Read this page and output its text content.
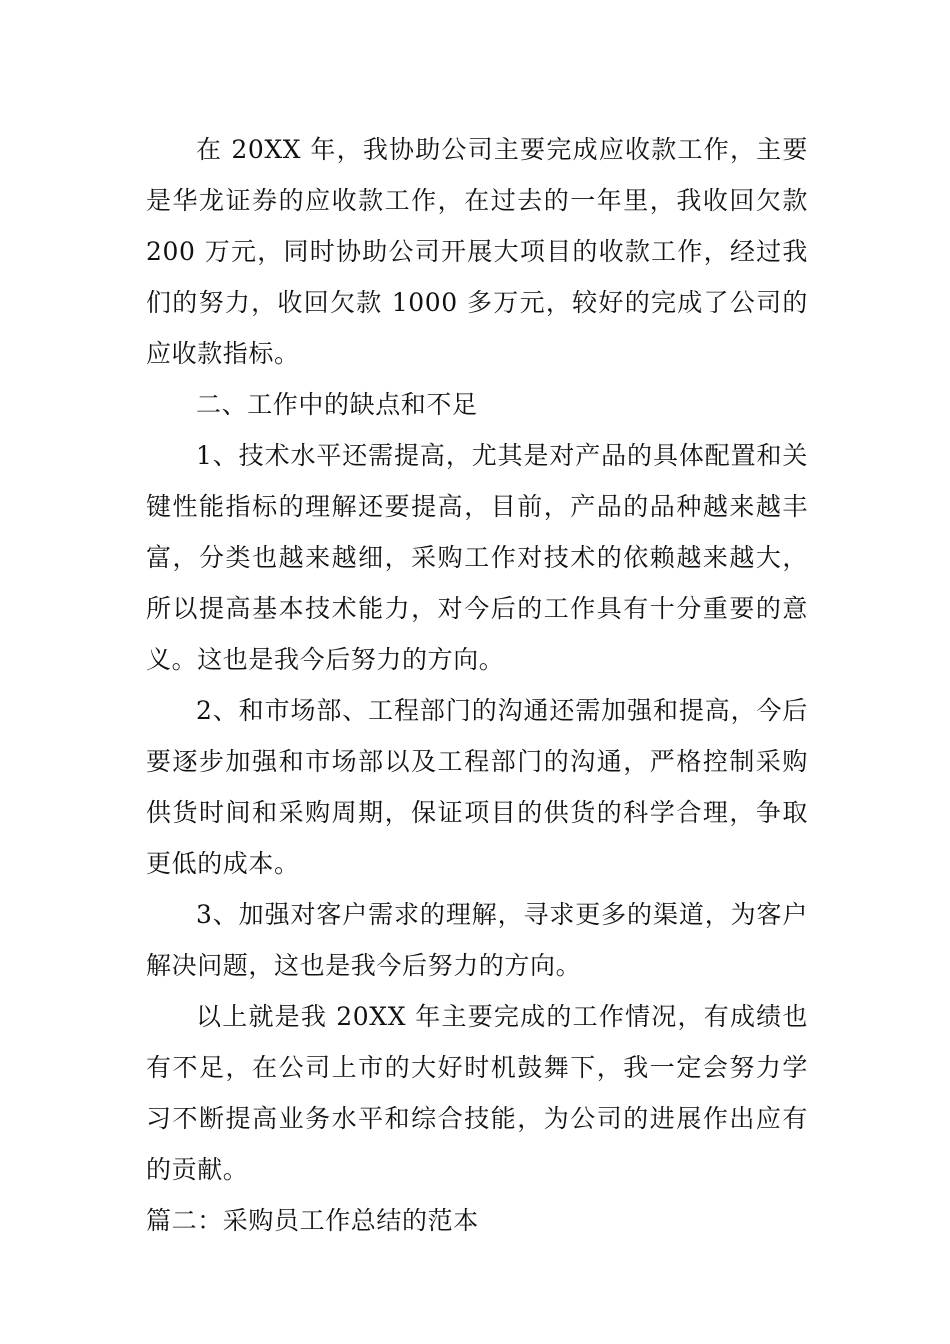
在 20XX 年，我协助公司主要完成应收款工作，主要是华龙证券的应收款工作，在过去的一年里，我收回欠款 200 万元，同时协助公司开展大项目的收款工作，经过我们的努力，收回欠款 1000 多万元，较好的完成了公司的应收款指标。

二、工作中的缺点和不足

1、技术水平还需提高，尤其是对产品的具体配置和关键性能指标的理解还要提高，目前，产品的品种越来越丰富，分类也越来越细，采购工作对技术的依赖越来越大，所以提高基本技术能力，对今后的工作具有十分重要的意义。这也是我今后努力的方向。

2、和市场部、工程部门的沟通还需加强和提高，今后要逐步加强和市场部以及工程部门的沟通，严格控制采购供货时间和采购周期，保证项目的供货的科学合理，争取更低的成本。

3、加强对客户需求的理解，寻求更多的渠道，为客户解决问题，这也是我今后努力的方向。

以上就是我 20XX 年主要完成的工作情况，有成绩也有不足，在公司上市的大好时机鼓舞下，我一定会努力学习不断提高业务水平和综合技能，为公司的进展作出应有的贡献。

篇二：采购员工作总结的范本
